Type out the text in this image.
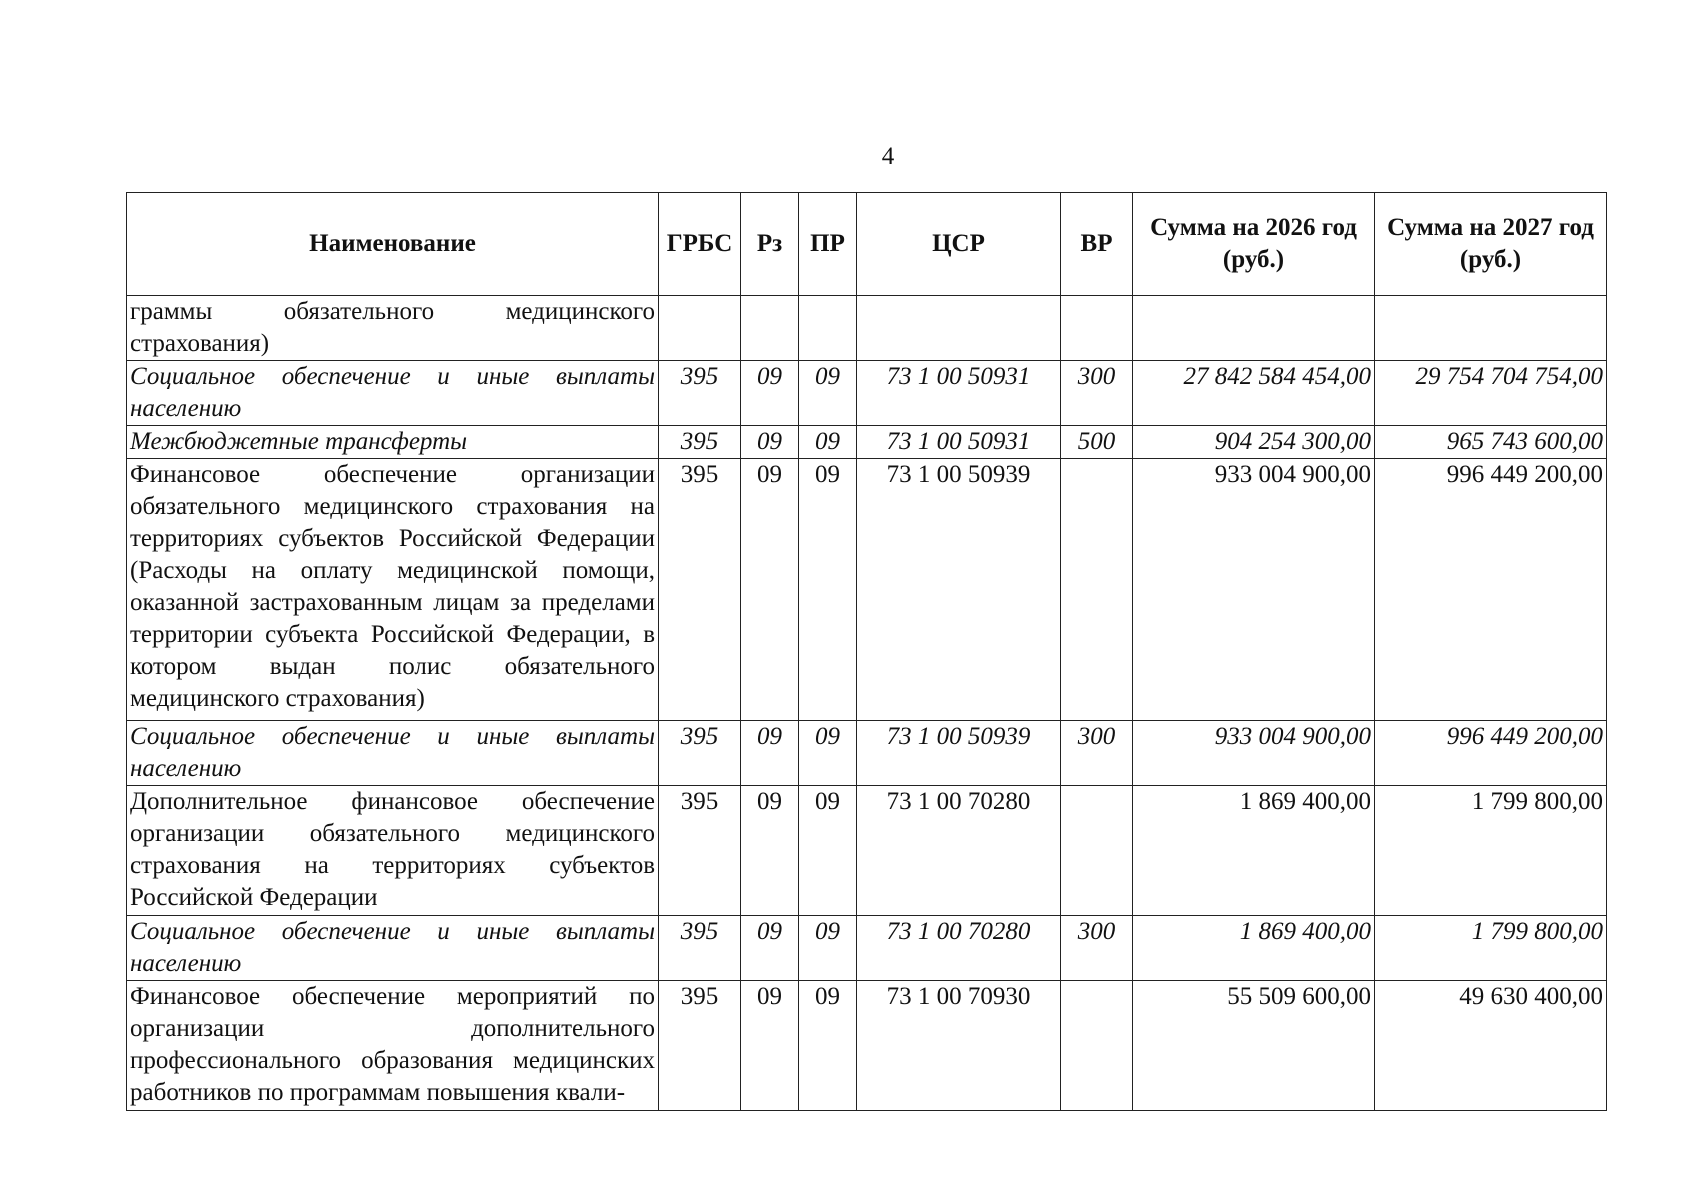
4
Наименование	ГРБС	Рз	ПР	ЦСР	ВР	Сумма на 2026 год (руб.)	Сумма на 2027 год (руб.)
граммы обязательного медицинского страхования)							
Социальное обеспечение и иные выплаты населению	395	09	09	73 1 00 50931	300	27 842 584 454,00	29 754 704 754,00
Межбюджетные трансферты	395	09	09	73 1 00 50931	500	904 254 300,00	965 743 600,00
Финансовое обеспечение организации обязательного медицинского страхования на территориях субъектов Российской Федерации (Расходы на оплату медицинской помощи, оказанной застрахованным лицам за пределами территории субъекта Российской Федерации, в котором выдан полис обязательного медицинского страхования)	395	09	09	73 1 00 50939		933 004 900,00	996 449 200,00
Социальное обеспечение и иные выплаты населению	395	09	09	73 1 00 50939	300	933 004 900,00	996 449 200,00
Дополнительное финансовое обеспечение организации обязательного медицинского страхования на территориях субъектов Российской Федерации	395	09	09	73 1 00 70280		1 869 400,00	1 799 800,00
Социальное обеспечение и иные выплаты населению	395	09	09	73 1 00 70280	300	1 869 400,00	1 799 800,00
Финансовое обеспечение мероприятий по организации дополнительного профессионального образования медицинских работников по программам повышения квали-	395	09	09	73 1 00 70930		55 509 600,00	49 630 400,00
